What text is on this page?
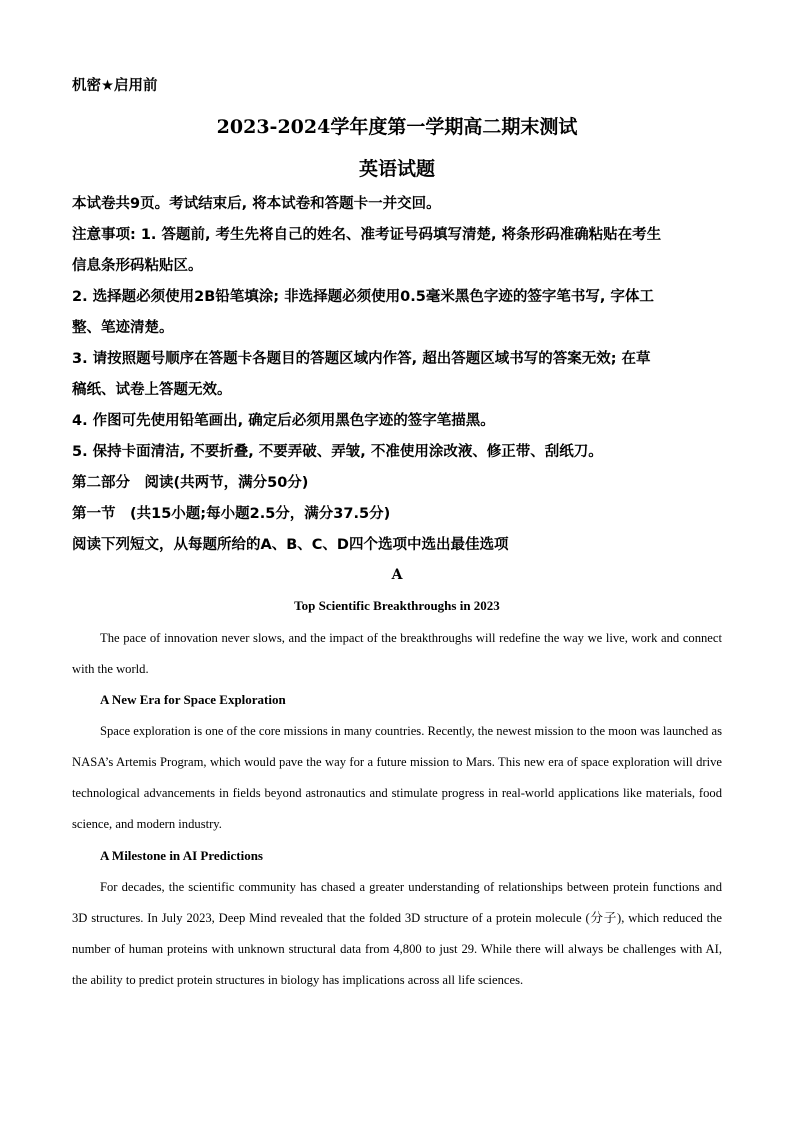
机密★启用前
2023-2024学年度第一学期高二期末测试
英语试题
本试卷共9页。考试结束后, 将本试卷和答题卡一并交回。
注意事项: 1. 答题前, 考生先将自己的姓名、准考证号码填写清楚, 将条形码准确粘贴在考生
信息条形码粘贴区。
2. 选择题必须使用2B铅笔填涂; 非选择题必须使用0.5毫米黑色字迹的签字笔书写, 字体工
整、笔迹清楚。
3. 请按照题号顺序在答题卡各题目的答题区域内作答, 超出答题区域书写的答案无效; 在草
稿纸、试卷上答题无效。
4. 作图可先使用铅笔画出, 确定后必须用黑色字迹的签字笔描黑。
5. 保持卡面清洁, 不要折叠, 不要弄破、弄皱, 不准使用涂改液、修正带、刮纸刀。
第二部分　阅读(共两节，满分50分)
第一节　(共15小题;每小题2.5分，满分37.5分)
阅读下列短文，从每题所给的A、B、C、D四个选项中选出最佳选项
A
Top Scientific Breakthroughs in 2023
The pace of innovation never slows, and the impact of the breakthroughs will redefine the way we live, work and connect with the world.
A New Era for Space Exploration
Space exploration is one of the core missions in many countries. Recently, the newest mission to the moon was launched as NASA’s Artemis Program, which would pave the way for a future mission to Mars. This new era of space exploration will drive technological advancements in fields beyond astronautics and stimulate progress in real-world applications like materials, food science, and modern industry.
A Milestone in AI Predictions
For decades, the scientific community has chased a greater understanding of relationships between protein functions and 3D structures. In July 2023, Deep Mind revealed that the folded 3D structure of a protein molecule (分子), which reduced the number of human proteins with unknown structural data from 4,800 to just 29. While there will always be challenges with AI, the ability to predict protein structures in biology has implications across all life sciences.
